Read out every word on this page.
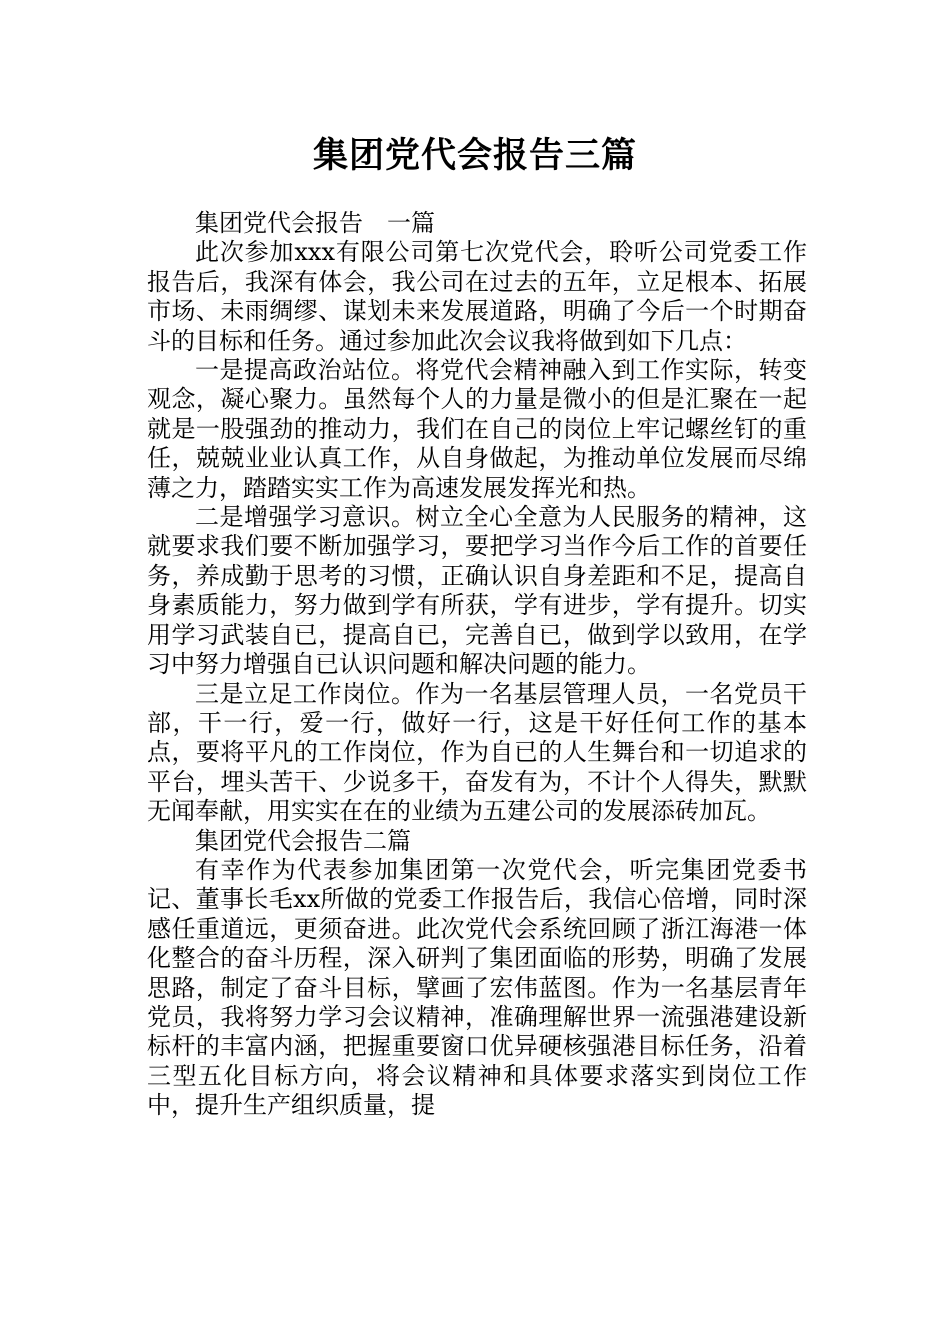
集团党代会报告三篇

集团党代会报告　一篇

此次参加xxx有限公司第七次党代会，聆听公司党委工作报告后，我深有体会，我公司在过去的五年，立足根本、拓展市场、未雨绸缪、谋划未来发展道路，明确了今后一个时期奋斗的目标和任务。通过参加此次会议我将做到如下几点：

一是提高政治站位。将党代会精神融入到工作实际，转变观念，凝心聚力。虽然每个人的力量是微小的但是汇聚在一起就是一股强劲的推动力，我们在自己的岗位上牢记螺丝钉的重任，兢兢业业认真工作，从自身做起，为推动单位发展而尽绵薄之力，踏踏实实工作为高速发展发挥光和热。

二是增强学习意识。树立全心全意为人民服务的精神，这就要求我们要不断加强学习，要把学习当作今后工作的首要任务，养成勤于思考的习惯，正确认识自身差距和不足，提高自身素质能力，努力做到学有所获，学有进步，学有提升。切实用学习武装自已，提高自已，完善自已，做到学以致用，在学习中努力增强自已认识问题和解决问题的能力。

三是立足工作岗位。作为一名基层管理人员，一名党员干部，干一行，爱一行，做好一行，这是干好任何工作的基本点，要将平凡的工作岗位，作为自已的人生舞台和一切追求的平台，埋头苦干、少说多干，奋发有为，不计个人得失，默默无闻奉献，用实实在在的业绩为五建公司的发展添砖加瓦。

集团党代会报告二篇

有幸作为代表参加集团第一次党代会，听完集团党委书记、董事长毛xx所做的党委工作报告后，我信心倍增，同时深感任重道远，更须奋进。此次党代会系统回顾了浙江海港一体化整合的奋斗历程，深入研判了集团面临的形势，明确了发展思路，制定了奋斗目标，擘画了宏伟蓝图。作为一名基层青年党员，我将努力学习会议精神，准确理解世界一流强港建设新标杆的丰富内涵，把握重要窗口优异硬核强港目标任务，沿着三型五化目标方向，将会议精神和具体要求落实到岗位工作中，提升生产组织质量，提
